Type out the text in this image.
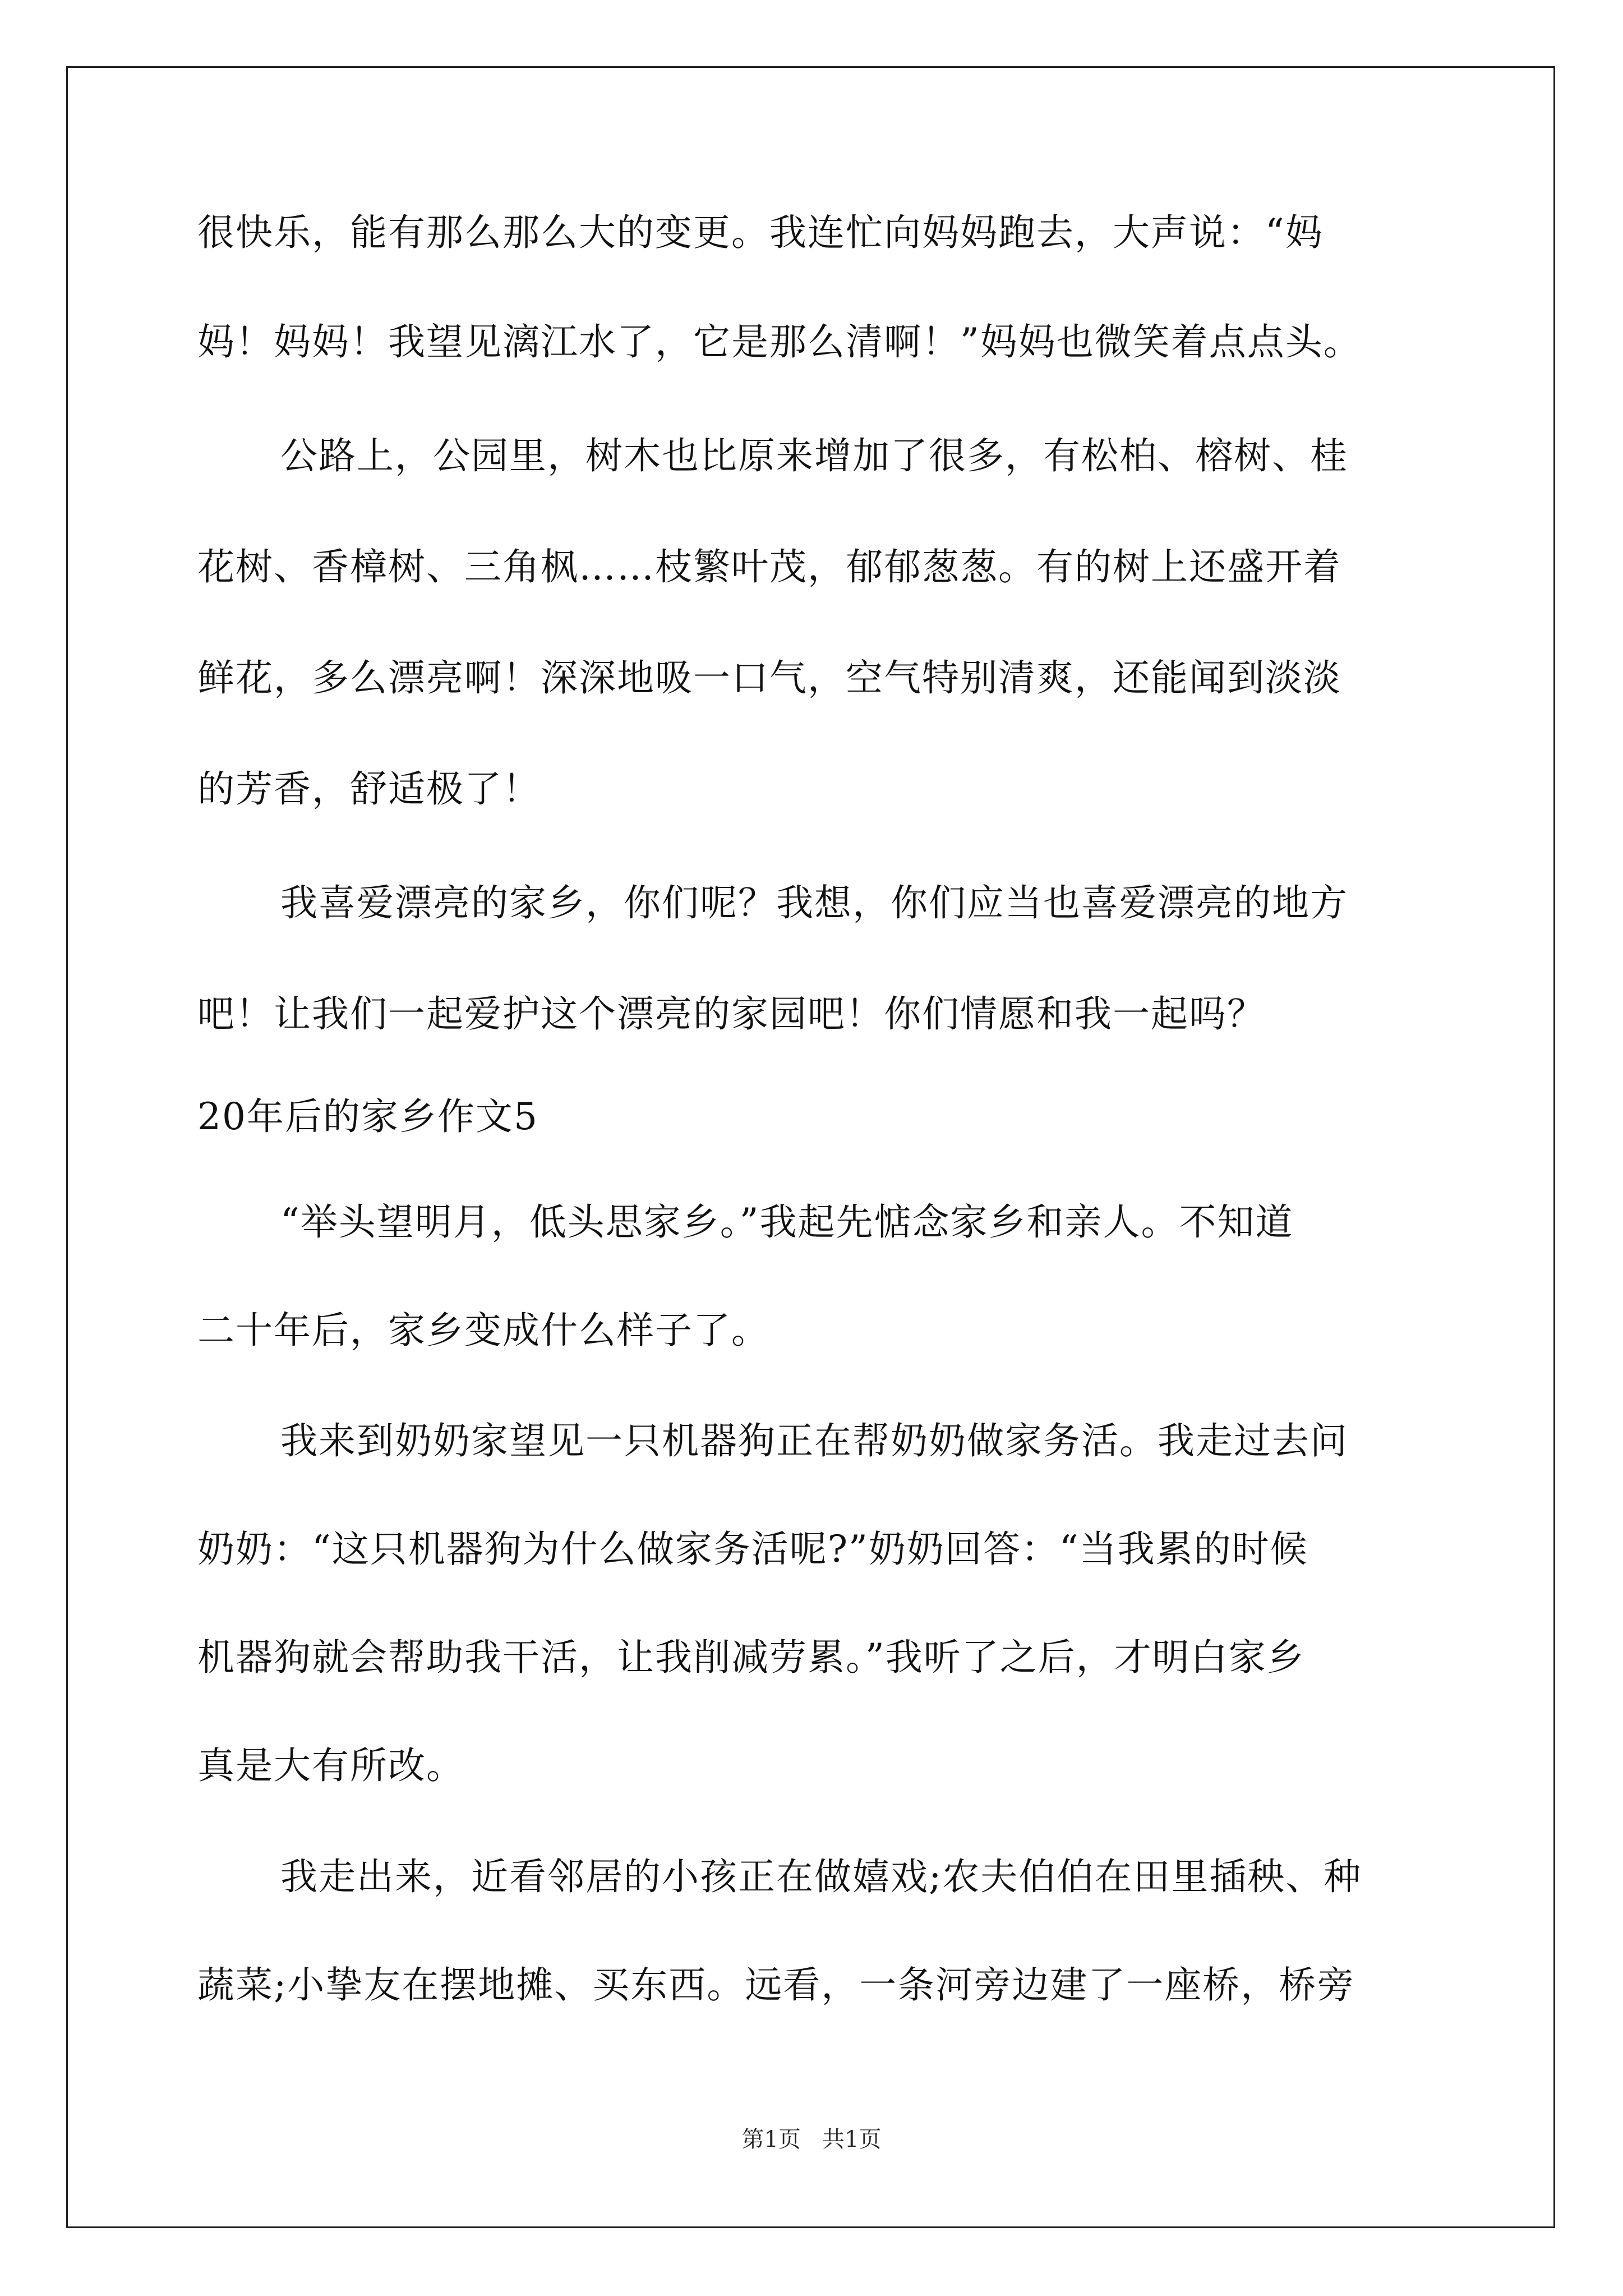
很快乐，能有那么那么大的变更。我连忙向妈妈跑去，大声说：“妈
妈！妈妈！我望见漓江水了，它是那么清啊！”妈妈也微笑着点点头。
公路上，公园里，树木也比原来增加了很多，有松柏、榕树、桂
花树、香樟树、三角枫……枝繁叶茂，郁郁葱葱。有的树上还盛开着
鲜花，多么漂亮啊！深深地吸一口气，空气特别清爽，还能闻到淡淡
的芳香，舒适极了！
我喜爱漂亮的家乡，你们呢？我想，你们应当也喜爱漂亮的地方
吧！让我们一起爱护这个漂亮的家园吧！你们情愿和我一起吗？
20年后的家乡作文5
“举头望明月，低头思家乡。”我起先惦念家乡和亲人。不知道
二十年后，家乡变成什么样子了。
我来到奶奶家望见一只机器狗正在帮奶奶做家务活。我走过去问
奶奶：“这只机器狗为什么做家务活呢?”奶奶回答：“当我累的时候
机器狗就会帮助我干活，让我削减劳累。”我听了之后，才明白家乡
真是大有所改。
我走出来，近看邻居的小孩正在做嬉戏;农夫伯伯在田里插秧、种
蔬菜;小挚友在摆地摊、买东西。远看，一条河旁边建了一座桥，桥旁
第1页   共1页
